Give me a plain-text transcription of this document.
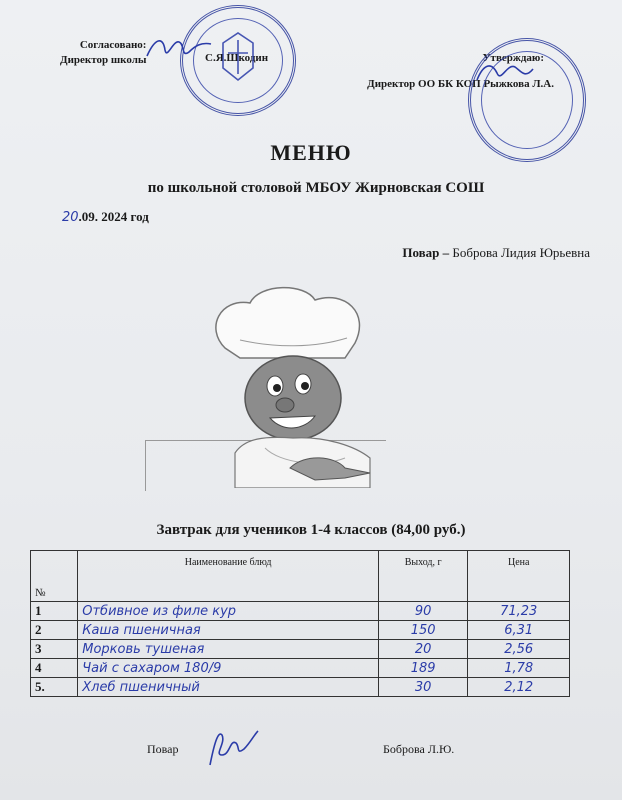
Согласовано:
Директор школы	С.Я.Шкодин	Утверждаю:
Директор ОО БК КОП Рыжкова Л.А.
МЕНЮ
по школьной столовой МБОУ Жирновская СОШ
20.09. 2024 год
Повар – Боброва Лидия Юрьевна
Завтрак для учеников 1-4 классов (84,00 руб.)
№	Наименование блюд	Выход, г	Цена
1	Отбивное из филе кур	90	71,23
2	Каша пшеничная	150	6,31
3	Морковь тушеная	20	2,56
4	Чай с сахаром 180/9	189	1,78
5.	Хлеб пшеничный	30	2,12
Повар	Боброва Л.Ю.
